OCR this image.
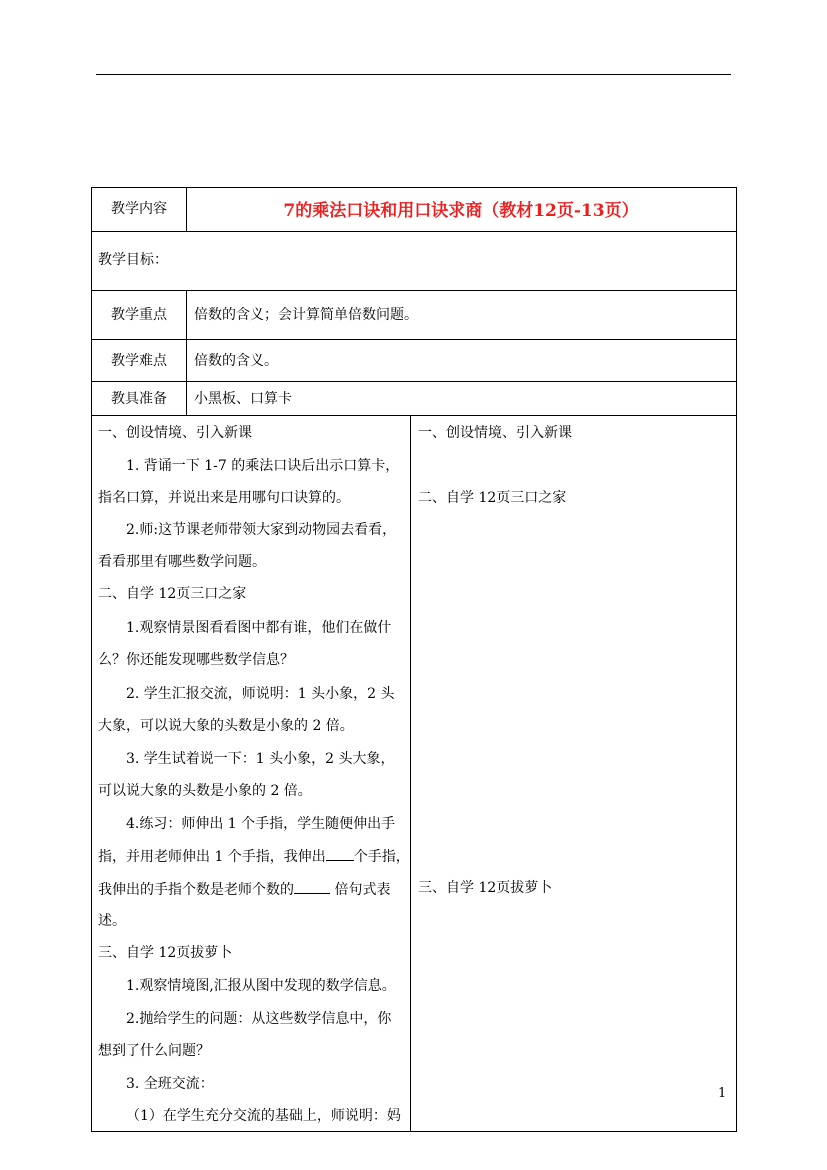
教学内容	7的乘法口诀和用口诀求商（教材12页-13页）
教学目标：
教学重点	倍数的含义；会计算简单倍数问题。
教学难点	倍数的含义。
教具准备	小黑板、口算卡
一、创设情境、引入新课
1. 背诵一下 1-7 的乘法口诀后出示口算卡，
指名口算，并说出来是用哪句口诀算的。
2.师:这节课老师带领大家到动物园去看看，
看看那里有哪些数学问题。
二、自学 12页三口之家
1.观察情景图看看图中都有谁，他们在做什
么？你还能发现哪些数学信息？
2. 学生汇报交流，师说明：1 头小象，2 头
大象，可以说大象的头数是小象的 2 倍。
3. 学生试着说一下：1 头小象，2 头大象，
可以说大象的头数是小象的 2 倍。
4.练习：师伸出 1 个手指，学生随便伸出手
指，并用老师伸出 1 个手指，我伸出 个手指，
我伸出的手指个数是老师个数的	倍句式表
述。
三、自学 12页拔萝卜
1.观察情境图,汇报从图中发现的数学信息。
2.抛给学生的问题：从这些数学信息中，你
想到了什么问题？
3. 全班交流：
（1）在学生充分交流的基础上，师说明：妈
一、创设情境、引入新课
二、自学 12页三口之家
三、自学 12页拔萝卜
1
